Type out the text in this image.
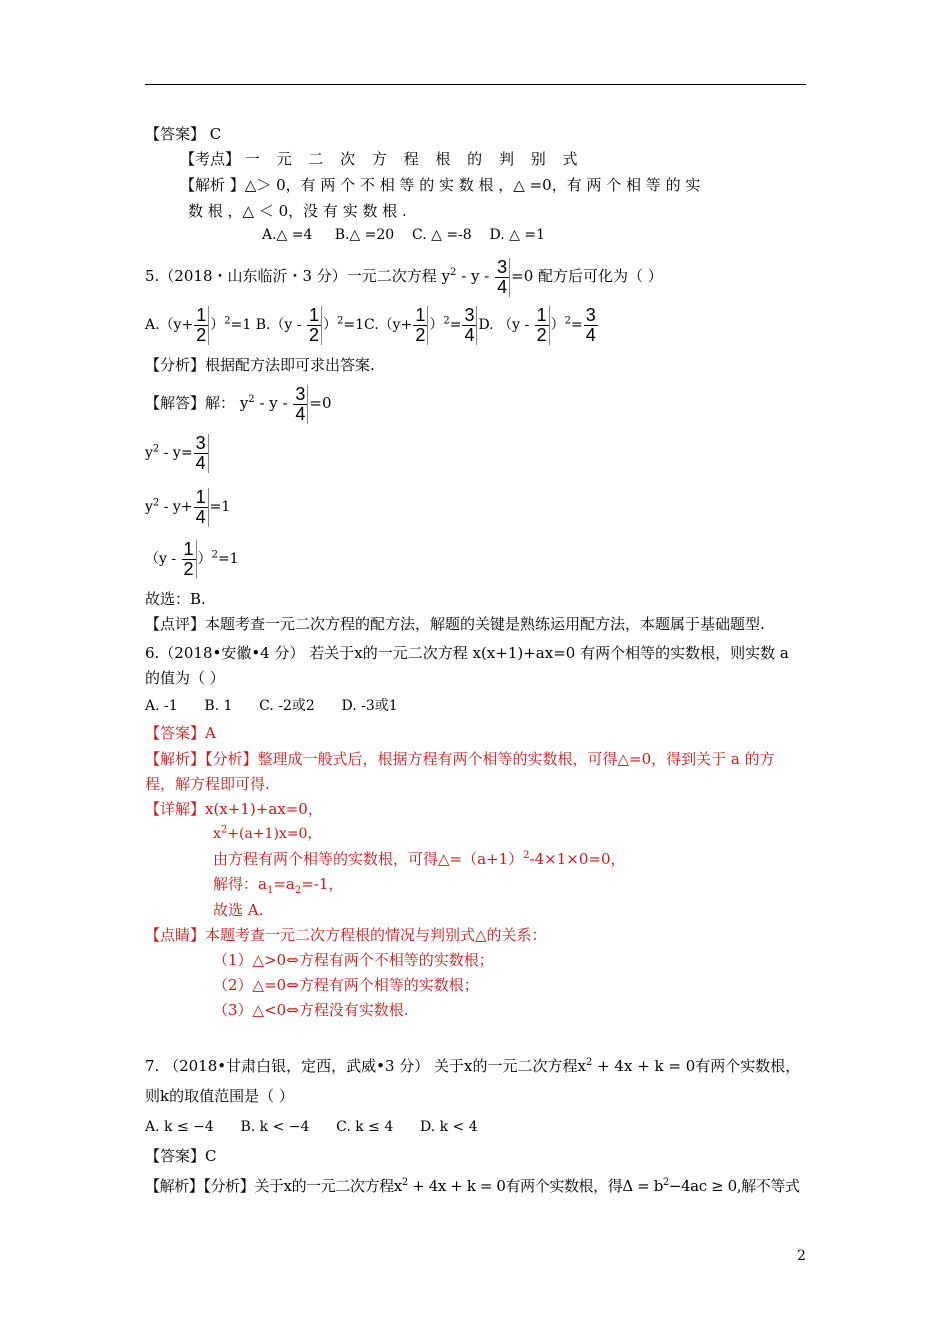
【答案】 C
【考点】 一 元 二 次 方 程 根 的 判 别 式
【解析 】△＞ 0，有 两 个 不 相 等 的 实 数 根 ，△ =0，有 两 个 相 等 的 实
数 根 ，△ ＜ 0，没 有 实 数 根 .
A.△ =4 B.△ =20 C. △ =-8 D. △ =1
5.（2018・山东临沂・3 分）一元二次方程 $y^2 - y - \frac{3}{4} =0$ 配方后可化为（ ）
$A.(y+ \frac{1}{2} )^2=1$ $B.(y - \frac{1}{2} )^2=1C.(y+ \frac{1}{2} )^2= \frac{3}{4} D$. $(y - \frac{1}{2} )^2= \frac{3}{4}$
【分析】根据配方法即可求出答案.
【解答】解： $y^2 - y - \frac{3}{4} =0$
$y^2 - y= \frac{3}{4}$
$y^2 - y+ \frac{1}{4} =1$
$(y - \frac{1}{2} )^2=1$
故选：B.
【点评】本题考查一元二次方程的配方法，解题的关键是熟练运用配方法，本题属于基础题型.
6.（2018•安徽•4 分） 若关于x的一元二次方程 x(x+1)+ax=0 有两个相等的实数根，则实数 a
的值为（ ）
A. -1 B. 1 C. -2或2 D. -3或1
【答案】A
【解析】【分析】整理成一般式后，根据方程有两个相等的实数根，可得△=0，得到关于 a 的方
程，解方程即可得.
【详解】x(x+1)+ax=0，
$x^2+(a+1)x=0$，
由方程有两个相等的实数根，可得$\triangle=(a+1)^2-4\times 1\times 0=0$，
解得：$a_1=a_2=-1$，
故选 A.
【点睛】本题考查一元二次方程根的情况与判别式△的关系：
（1）△>0⇔方程有两个不相等的实数根；
（2）△=0⇔方程有两个相等的实数根；
（3）△<0⇔方程没有实数根.
7. （2018•甘肃白银，定西，武威•3 分） 关于x的一元二次方程$x^2 + 4x + k = 0$有两个实数根，
则k的取值范围是（ ）
A. k ≤ −4 B. k < −4 C. k ≤ 4 D. k < 4
【答案】C
【解析】【分析】关于x的一元二次方程$x^2 + 4x + k = 0$有两个实数根，得$\Delta = b^2-4ac \ge 0$,解不等式
2
